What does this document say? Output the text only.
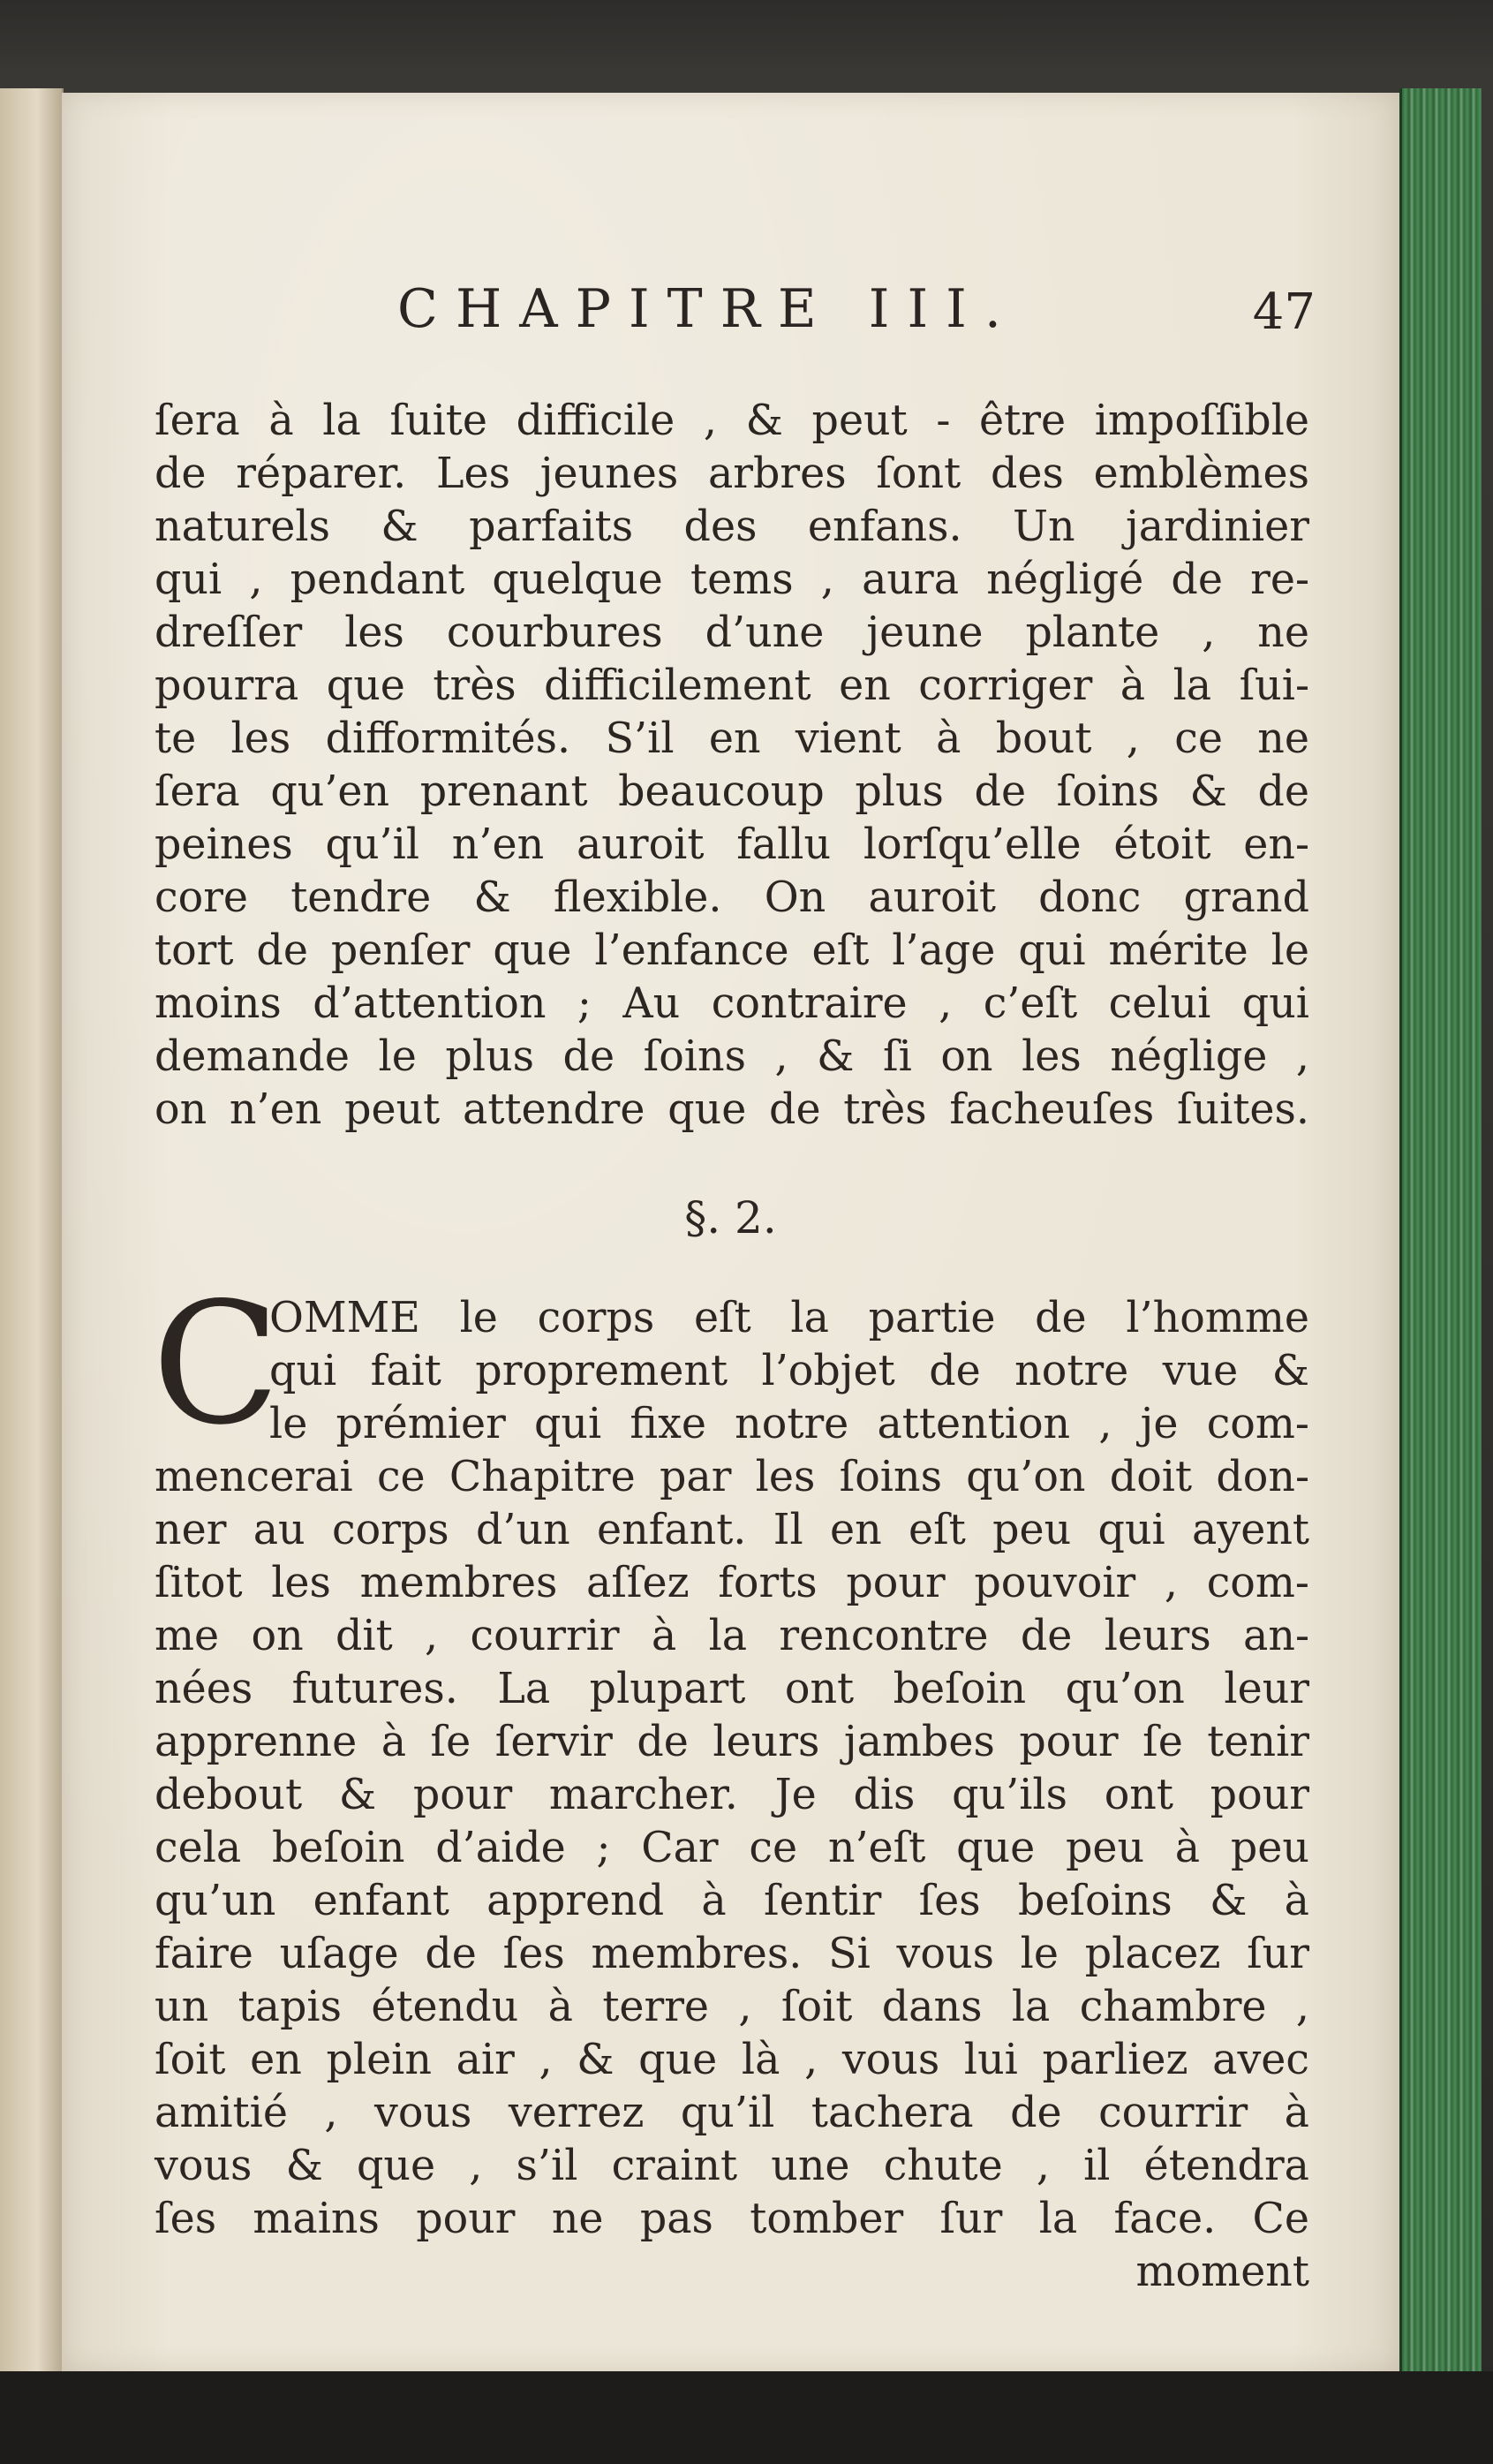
CHAPITRE III.	47
ſera à la ſuite difficile , & peut - être impoſſible
de réparer. Les jeunes arbres ſont des emblèmes
naturels & parfaits des enfans. Un jardinier
qui , pendant quelque tems , aura négligé de re-
dreſſer les courbures d’une jeune plante , ne
pourra que très difficilement en corriger à la ſui-
te les difformités. S’il en vient à bout , ce ne
ſera qu’en prenant beaucoup plus de ſoins & de
peines qu’il n’en auroit fallu lorſqu’elle étoit en-
core tendre & flexible. On auroit donc grand
tort de penſer que l’enfance eſt l’age qui mérite le
moins d’attention ; Au contraire , c’eſt celui qui
demande le plus de ſoins , & ſi on les néglige ,
on n’en peut attendre que de très facheuſes ſuites.
§. 2.
C
OMME le corps eſt la partie de l’homme
qui fait proprement l’objet de notre vue &
le prémier qui fixe notre attention , je com-
mencerai ce Chapitre par les ſoins qu’on doit don-
ner au corps d’un enfant. Il en eſt peu qui ayent
ſitot les membres aſſez forts pour pouvoir , com-
me on dit , courrir à la rencontre de leurs an-
nées futures. La plupart ont beſoin qu’on leur
apprenne à ſe ſervir de leurs jambes pour ſe tenir
debout & pour marcher. Je dis qu’ils ont pour
cela beſoin d’aide ; Car ce n’eſt que peu à peu
qu’un enfant apprend à ſentir ſes beſoins & à
faire uſage de ſes membres. Si vous le placez ſur
un tapis étendu à terre , ſoit dans la chambre ,
ſoit en plein air , & que là , vous lui parliez avec
amitié , vous verrez qu’il tachera de courrir à
vous & que , s’il craint une chute , il étendra
ſes mains pour ne pas tomber ſur la face. Ce
moment
